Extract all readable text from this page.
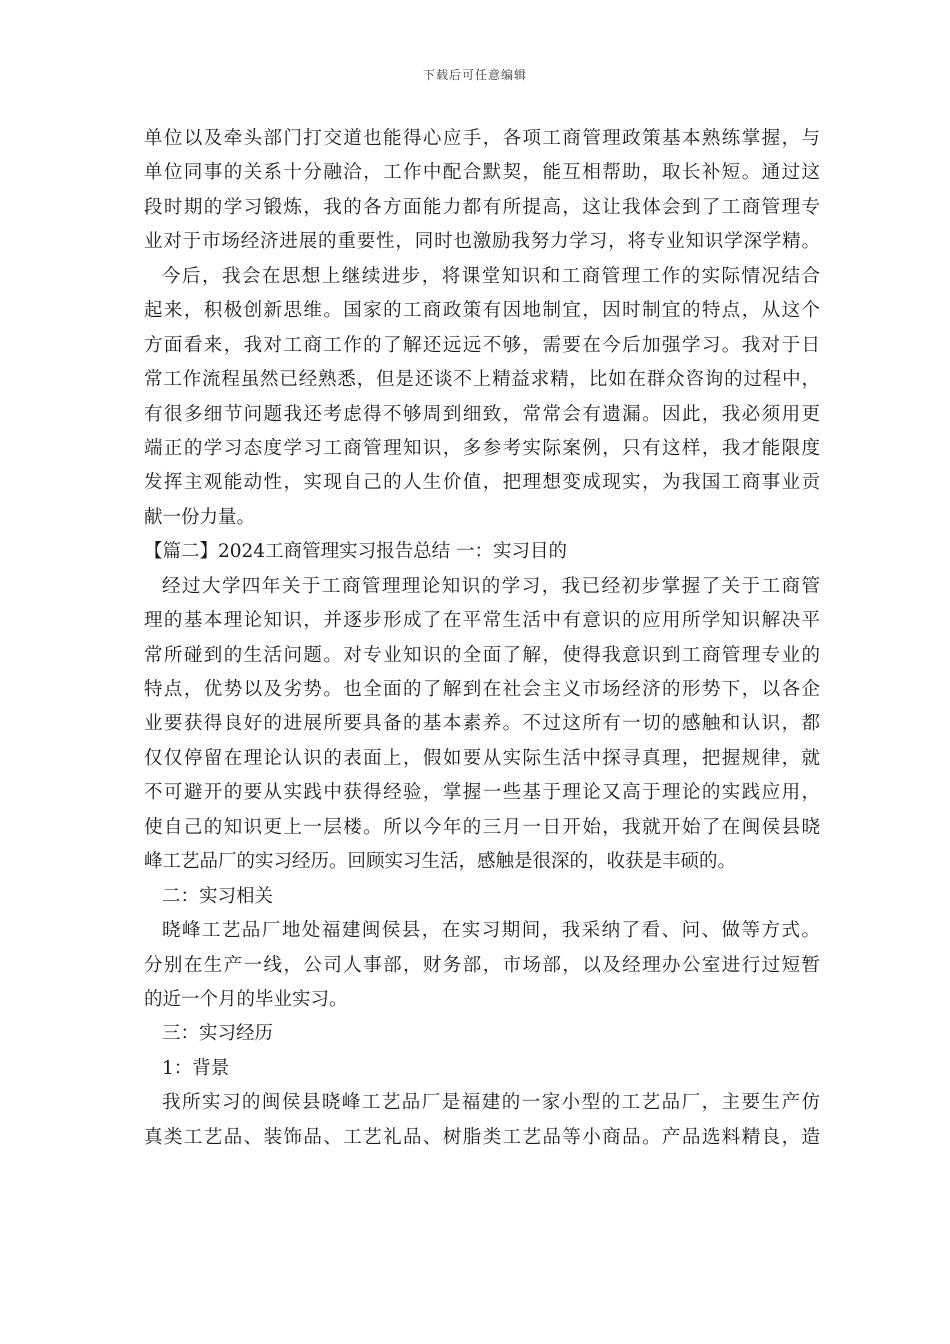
下载后可任意编辑
单位以及牵头部门打交道也能得心应手，各项工商管理政策基本熟练掌握，与
单位同事的关系十分融洽，工作中配合默契，能互相帮助，取长补短。通过这
段时期的学习锻炼，我的各方面能力都有所提高，这让我体会到了工商管理专
业对于市场经济进展的重要性，同时也激励我努力学习，将专业知识学深学精。
今后，我会在思想上继续进步，将课堂知识和工商管理工作的实际情况结合
起来，积极创新思维。国家的工商政策有因地制宜，因时制宜的特点，从这个
方面看来，我对工商工作的了解还远远不够，需要在今后加强学习。我对于日
常工作流程虽然已经熟悉，但是还谈不上精益求精，比如在群众咨询的过程中，
有很多细节问题我还考虑得不够周到细致，常常会有遗漏。因此，我必须用更
端正的学习态度学习工商管理知识，多参考实际案例，只有这样，我才能限度
发挥主观能动性，实现自己的人生价值，把理想变成现实，为我国工商事业贡
献一份力量。
【篇二】2024工商管理实习报告总结 一：实习目的
经过大学四年关于工商管理理论知识的学习，我已经初步掌握了关于工商管
理的基本理论知识，并逐步形成了在平常生活中有意识的应用所学知识解决平
常所碰到的生活问题。对专业知识的全面了解，使得我意识到工商管理专业的
特点，优势以及劣势。也全面的了解到在社会主义市场经济的形势下，以各企
业要获得良好的进展所要具备的基本素养。不过这所有一切的感触和认识，都
仅仅停留在理论认识的表面上，假如要从实际生活中探寻真理，把握规律，就
不可避开的要从实践中获得经验，掌握一些基于理论又高于理论的实践应用，
使自己的知识更上一层楼。所以今年的三月一日开始，我就开始了在闽侯县晓
峰工艺品厂的实习经历。回顾实习生活，感触是很深的，收获是丰硕的。
二：实习相关
晓峰工艺品厂地处福建闽侯县，在实习期间，我采纳了看、问、做等方式。
分别在生产一线，公司人事部，财务部，市场部，以及经理办公室进行过短暂
的近一个月的毕业实习。
三：实习经历
1：背景
我所实习的闽侯县晓峰工艺品厂是福建的一家小型的工艺品厂，主要生产仿
真类工艺品、装饰品、工艺礼品、树脂类工艺品等小商品。产品选料精良，造
